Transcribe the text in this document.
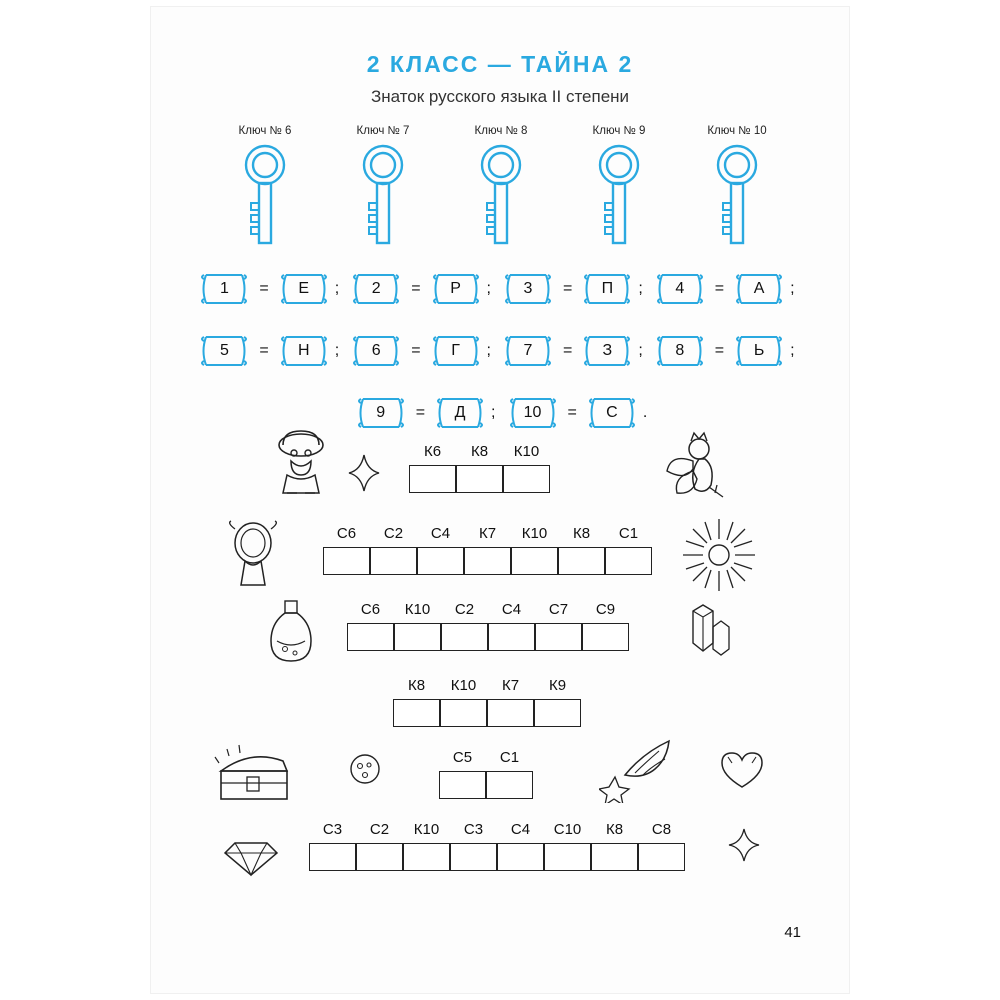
2 КЛАСС — ТАЙНА 2
Знаток русского языка II степени
Ключ № 6	Ключ № 7	Ключ № 8	Ключ № 9	Ключ № 10
1 = Е ; 2 = Р ; 3 = П ; 4 = А ;
5 = Н ; 6 = Г ; 7 = З ; 8 = Ь ;
9 = Д ; 10 = С .
К6	К8	К10
С6	С2	С4	К7	К10	К8	С1
С6	К10	С2	С4	С7	С9
К8	К10	К7	К9
С5	С1
С3	С2	К10	С3	С4	С10	К8	С8
41
